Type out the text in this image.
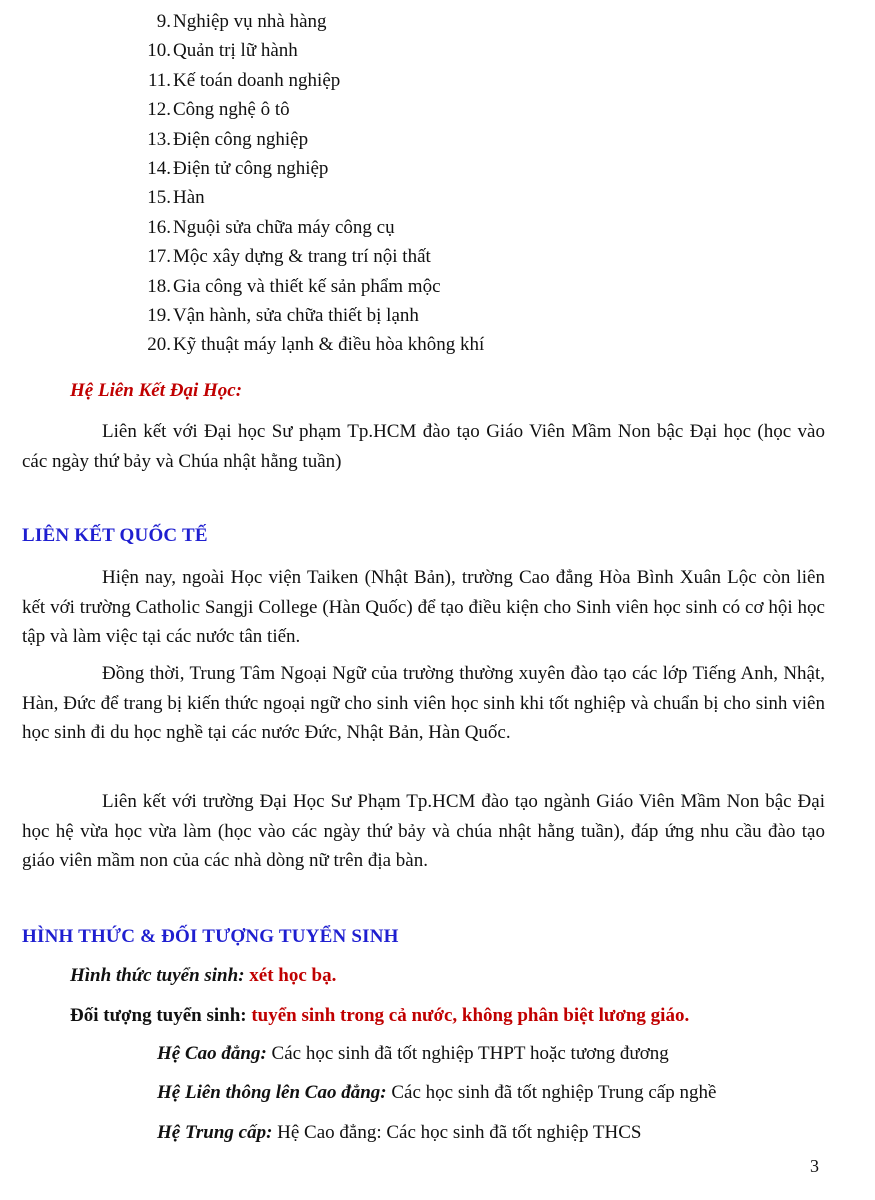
9. Nghiệp vụ nhà hàng
10. Quản trị lữ hành
11. Kế toán doanh nghiệp
12. Công nghệ ô tô
13. Điện công nghiệp
14. Điện tử công nghiệp
15. Hàn
16. Nguội sửa chữa máy công cụ
17. Mộc xây dựng & trang trí nội thất
18. Gia công và thiết kế sản phẩm mộc
19. Vận hành, sửa chữa thiết bị lạnh
20. Kỹ thuật máy lạnh & điều hòa không khí
Hệ Liên Kết Đại Học:

Liên kết với Đại học Sư phạm Tp.HCM đào tạo Giáo Viên Mầm Non bậc Đại học (học vào các ngày thứ bảy và Chúa nhật hằng tuần)

LIÊN KẾT QUỐC TẾ

Hiện nay, ngoài Học viện Taiken (Nhật Bản), trường Cao đẳng Hòa Bình Xuân Lộc còn liên kết với trường Catholic Sangji College (Hàn Quốc) để tạo điều kiện cho Sinh viên học sinh có cơ hội học tập và làm việc tại các nước tân tiến.

Đồng thời, Trung Tâm Ngoại Ngữ của trường thường xuyên đào tạo các lớp Tiếng Anh, Nhật, Hàn, Đức để trang bị kiến thức ngoại ngữ cho sinh viên học sinh khi tốt nghiệp và chuẩn bị cho sinh viên học sinh đi du học nghề tại các nước Đức, Nhật Bản, Hàn Quốc.

Liên kết với trường Đại Học Sư Phạm Tp.HCM đào tạo ngành Giáo Viên Mầm Non bậc Đại học hệ vừa học vừa làm (học vào các ngày thứ bảy và chúa nhật hằng tuần), đáp ứng nhu cầu đào tạo giáo viên mầm non của các nhà dòng nữ trên địa bàn.

HÌNH THỨC & ĐỐI TƯỢNG TUYỂN SINH
Hình thức tuyển sinh: xét học bạ.
Đối tượng tuyển sinh: tuyển sinh trong cả nước, không phân biệt lương giáo.
Hệ Cao đẳng: Các học sinh đã tốt nghiệp THPT hoặc tương đương
Hệ Liên thông lên Cao đẳng: Các học sinh đã tốt nghiệp Trung cấp nghề
Hệ Trung cấp: Hệ Cao đẳng: Các học sinh đã tốt nghiệp THCS
3
